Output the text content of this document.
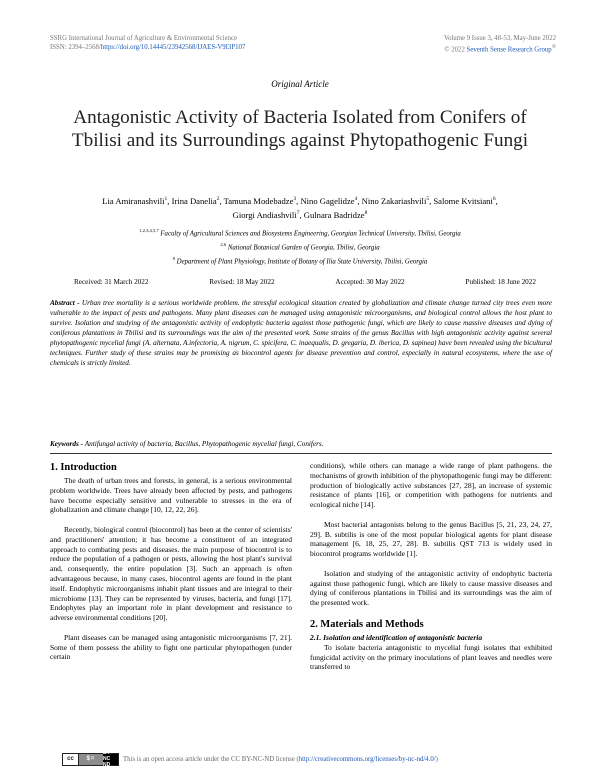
SSRG International Journal of Agriculture & Environmental Science
ISSN: 2394–2568/https://doi.org/10.14445/23942568/IJAES-V9I3P107
Volume 9 Issue 3, 48-53, May-June 2022
© 2022 Seventh Sense Research Group®
Original Article
Antagonistic Activity of Bacteria Isolated from Conifers of Tbilisi and its Surroundings against Phytopathogenic Fungi
Lia Amiranashvili$^1$, Irina Danelia$^2$, Tamuna Modebadze$^3$, Nino Gagelidze$^4$, Nino Zakariashvili$^5$, Salome Kvitsiani$^6$,
Giorgi Andiashvili$^7$, Gulnara Badridze$^8$
$^{1,2,3,4,5,7}$ Faculty of Agricultural Sciences and Biosystems Engineering, Georgian Technical University, Tbilisi, Georgia
$^{2,6}$ National Botanical Garden of Georgia, Tbilisi, Georgia
$^8$ Department of Plant Physiology, Institute of Botany of Ilia State University, Tbilisi, Georgia
Received: 31 March 2022	Revised: 18 May 2022	Accepted: 30 May 2022	Published: 18 June 2022
Abstract - Urban tree mortality is a serious worldwide problem. the stressful ecological situation created by globalization and climate change turned city trees even more vulnerable to the impact of pests and pathogens. Many plant diseases can be managed using antagonistic microorganisms, and biological control allows the host plant to survive. Isolation and studying of the antagonistic activity of endophytic bacteria against those pathogenic fungi, which are likely to cause massive diseases and dying of coniferous plantations in Tbilisi and its surroundings was the aim of the presented work. Some strains of the genus Bacillus with high antagonistic activity against several phytopathogenic mycelial fungi (A. alternata, A.infectoria, A. nigrum, C. spicifera, C. inaequalis, D. gregaria, D. iberica, D. sapinea) have been revealed using the bicultural techniques. Further study of these strains may be promising as biocontrol agents for disease prevention and control, especially in natural ecosystems, where the use of chemicals is strictly limited.
Keywords - Antifungal activity of bacteria, Bacillus, Phytopathogenic mycelial fungi, Conifers.
1. Introduction

The death of urban trees and forests, in general, is a serious environmental problem worldwide. Trees have already been affected by pests, and pathogens have become especially sensitive and vulnerable to stresses in the era of globalization and climate change [10, 12, 22, 26].

Recently, biological control (biocontrol) has been at the center of scientists' and practitioners' attention; it has become a constituent of an integrated approach to combating pests and diseases. the main purpose of biocontrol is to reduce the population of a pathogen or pests, allowing the host plant's survival and, consequently, the entire population [3]. Such an approach is often advantageous because, in many cases, biocontrol agents are found in the plant itself. Endophytic microorganisms inhabit plant tissues and are integral to their microbiome [13]. They can be represented by viruses, bacteria, and fungi [17]. Endophytes play an important role in plant development and resistance to adverse environmental conditions [20].

Plant diseases can be managed using antagonistic microorganisms [7, 21]. Some of them possess the ability to fight one particular phytopathogen (under certain

conditions), while others can manage a wide range of plant pathogens. the mechanisms of growth inhibition of the phytopathogenic fungi may be different: production of biologically active substances [27, 28], an increase of systemic resistance of plants [16], or competition with pathogens for nutrients and ecological niche [14].

Most bacterial antagonists belong to the genus Bacillus [5, 21, 23, 24, 27, 29]. B. subtilis is one of the most popular biological agents for plant disease management [6, 18, 25, 27, 28]. B. subtilis QST 713 is widely used in biocontrol programs worldwide [1].

Isolation and studying of the antagonistic activity of endophytic bacteria against those pathogenic fungi, which are likely to cause massive diseases and dying of coniferous plantations in Tbilisi and its surroundings was the aim of the presented work.

2. Materials and Methods
2.1. Isolation and identification of antagonistic bacteria

To isolate bacteria antagonistic to mycelial fungi isolates that exhibited fungicidal activity on the primary inoculations of plant leaves and needles were transferred to

cc	$=
BY NC ND
This is an open access article under the CC BY-NC-ND license ( http://creativecommons.org/licenses/by-nc-nd/4.0/ )
